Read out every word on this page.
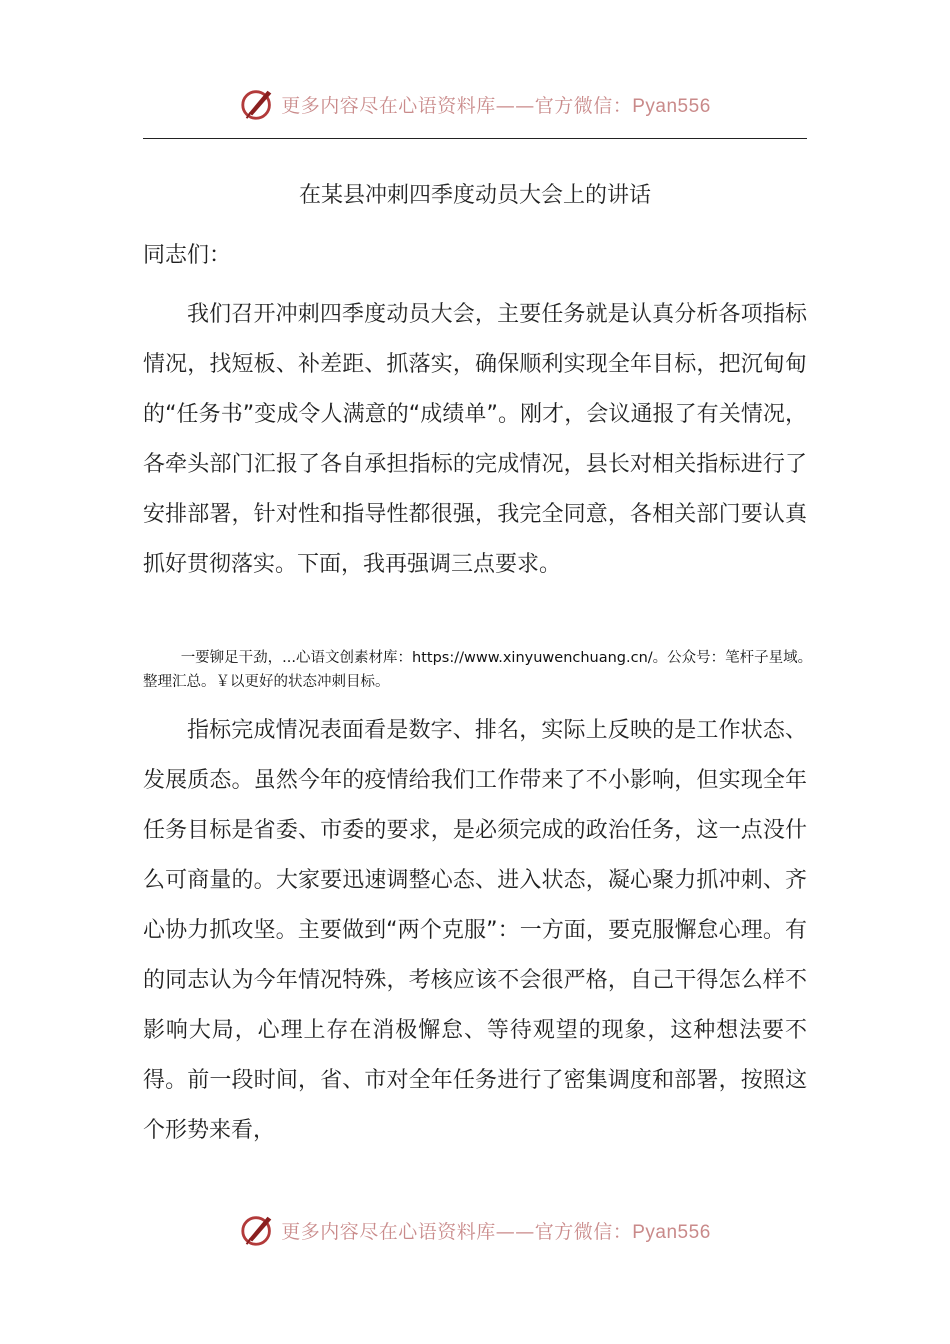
更多内容尽在心语资料库——官方微信：Pyan556
在某县冲刺四季度动员大会上的讲话
同志们：
我们召开冲刺四季度动员大会，主要任务就是认真分析各项指标情况，找短板、补差距、抓落实，确保顺利实现全年目标，把沉甸甸的“任务书”变成令人满意的“成绩单”。刚才，会议通报了有关情况，各牵头部门汇报了各自承担指标的完成情况，县长对相关指标进行了安排部署，针对性和指导性都很强，我完全同意，各相关部门要认真抓好贯彻落实。下面，我再强调三点要求。
一要铆足干劲，...心语文创素材库：https://www.xinyuwenchuang.cn/。公众号：笔杆子星域。整理汇总。￥以更好的状态冲刺目标。
指标完成情况表面看是数字、排名，实际上反映的是工作状态、发展质态。虽然今年的疫情给我们工作带来了不小影响，但实现全年任务目标是省委、市委的要求，是必须完成的政治任务，这一点没什么可商量的。大家要迅速调整心态、进入状态，凝心聚力抓冲刺、齐心协力抓攻坚。主要做到“两个克服”：一方面，要克服懈怠心理。有的同志认为今年情况特殊，考核应该不会很严格，自己干得怎么样不影响大局，心理上存在消极懈怠、等待观望的现象，这种想法要不得。前一段时间，省、市对全年任务进行了密集调度和部署，按照这个形势来看，
更多内容尽在心语资料库——官方微信：Pyan556
